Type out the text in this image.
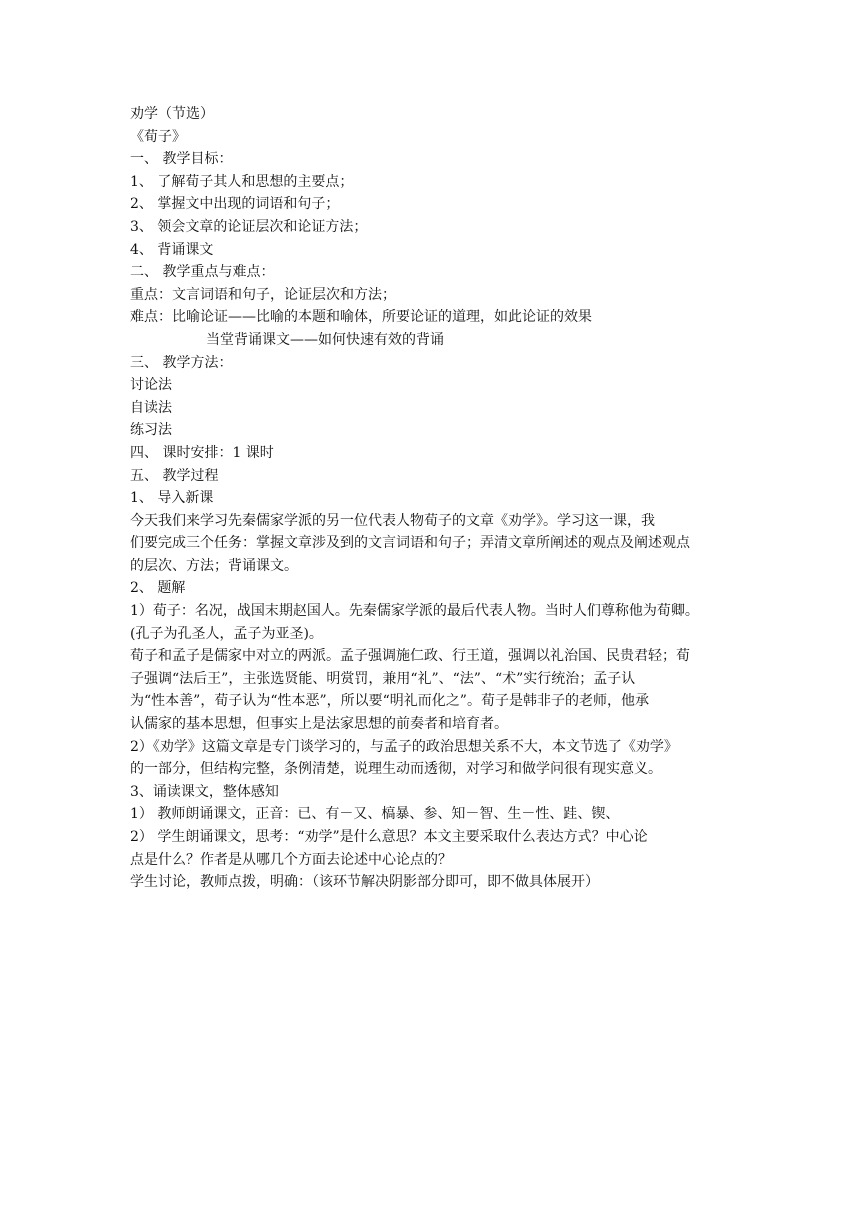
劝学（节选）
《荀子》
一、 教学目标：
1、 了解荀子其人和思想的主要点；
2、 掌握文中出现的词语和句子；
3、 领会文章的论证层次和论证方法；
4、 背诵课文
二、 教学重点与难点：
重点：文言词语和句子，论证层次和方法；
难点：比喻论证——比喻的本题和喻体，所要论证的道理，如此论证的效果
当堂背诵课文——如何快速有效的背诵
三、 教学方法：
讨论法
自读法
练习法
四、 课时安排：1 课时
五、 教学过程
1、 导入新课
今天我们来学习先秦儒家学派的另一位代表人物荀子的文章《劝学》。学习这一课，我
们要完成三个任务：掌握文章涉及到的文言词语和句子；弄清文章所阐述的观点及阐述观点
的层次、方法；背诵课文。
2、 题解
1）荀子：名况，战国末期赵国人。先秦儒家学派的最后代表人物。当时人们尊称他为荀卿。
(孔子为孔圣人，孟子为亚圣)。
荀子和孟子是儒家中对立的两派。孟子强调施仁政、行王道，强调以礼治国、民贵君轻；荀
子强调“法后王”，主张选贤能、明赏罚，兼用“礼”、“法”、“术”实行统治；孟子认
为“性本善”，荀子认为“性本恶”，所以要“明礼而化之”。荀子是韩非子的老师，他承
认儒家的基本思想，但事实上是法家思想的前奏者和培育者。
2）《劝学》这篇文章是专门谈学习的，与孟子的政治思想关系不大，本文节选了《劝学》
的一部分，但结构完整，条例清楚，说理生动而透彻，对学习和做学问很有现实意义。
3、诵读课文，整体感知
1） 教师朗诵课文，正音：已、有－又、槁暴、参、知－智、生－性、跬、锲、
2） 学生朗诵课文，思考：“劝学”是什么意思？本文主要采取什么表达方式？中心论
点是什么？作者是从哪几个方面去论述中心论点的？
学生讨论，教师点拨，明确：（该环节解决阴影部分即可，即不做具体展开）
